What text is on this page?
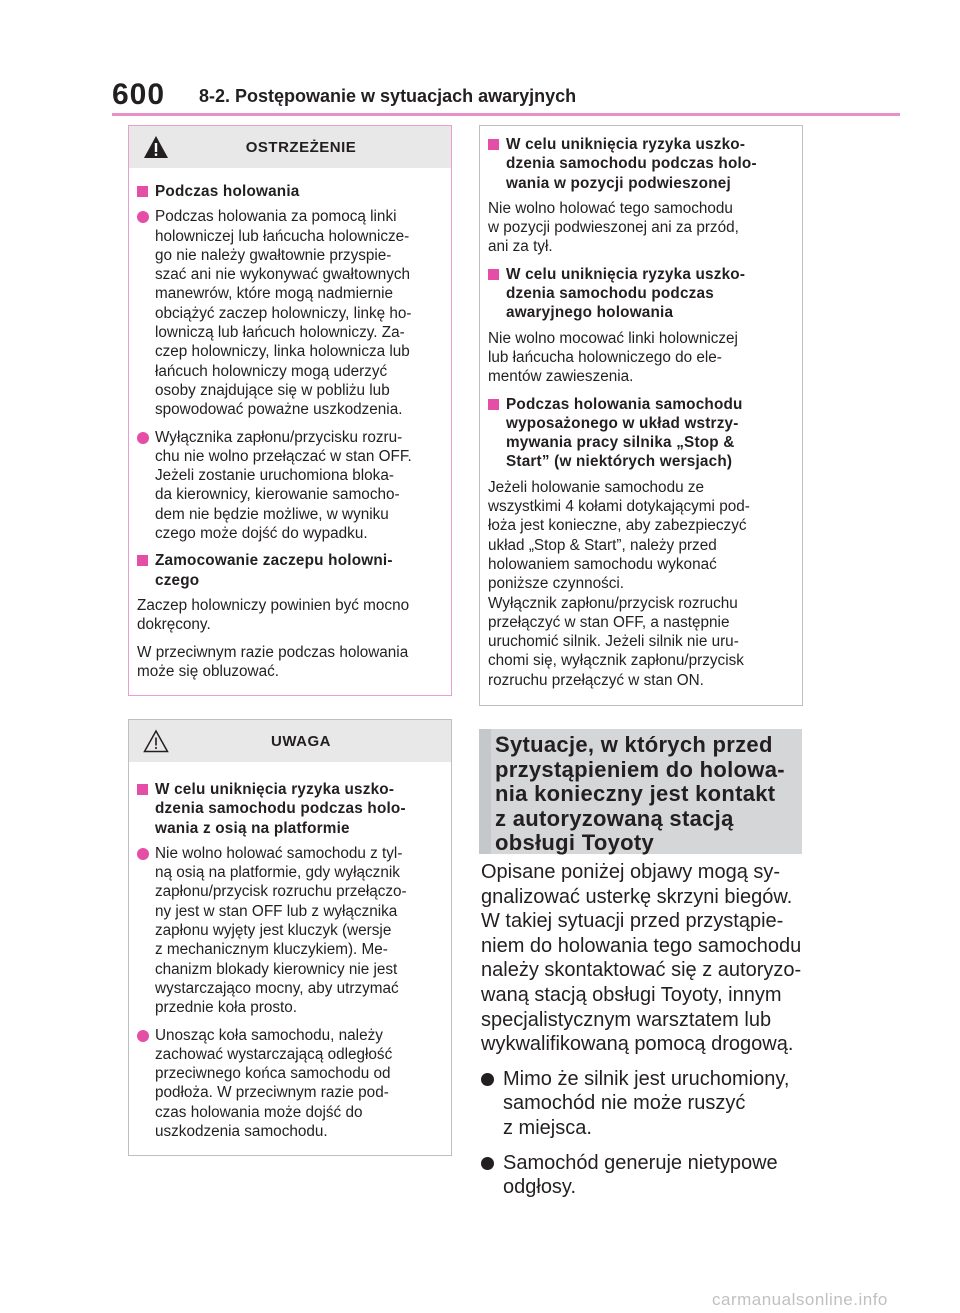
600 8-2. Postępowanie w sytuacjach awaryjnych
OSTRZEŻENIE
Podczas holowania
Podczas holowania za pomocą linki
holowniczej lub łańcucha holownicze-
go nie należy gwałtownie przyspie-
szać ani nie wykonywać gwałtownych
manewrów, które mogą nadmiernie
obciążyć zaczep holowniczy, linkę ho-
lowniczą lub łańcuch holowniczy. Za-
czep holowniczy, linka holownicza lub
łańcuch holowniczy mogą uderzyć
osoby znajdujące się w pobliżu lub
spowodować poważne uszkodzenia.
Wyłącznika zapłonu/przycisku rozru-
chu nie wolno przełączać w stan OFF.
Jeżeli zostanie uruchomiona bloka-
da kierownicy, kierowanie samocho-
dem nie będzie możliwe, w wyniku
czego może dojść do wypadku.
Zamocowanie zaczepu holowni-
czego
Zaczep holowniczy powinien być mocno
dokręcony.
W przeciwnym razie podczas holowania
może się obluzować.
UWAGA
W celu uniknięcia ryzyka uszko-
dzenia samochodu podczas holo-
wania z osią na platformie
Nie wolno holować samochodu z tyl-
ną osią na platformie, gdy wyłącznik
zapłonu/przycisk rozruchu przełączo-
ny jest w stan OFF lub z wyłącznika
zapłonu wyjęty jest kluczyk (wersje
z mechanicznym kluczykiem). Me-
chanizm blokady kierownicy nie jest
wystarczająco mocny, aby utrzymać
przednie koła prosto.
Unosząc koła samochodu, należy
zachować wystarczającą odległość
przeciwnego końca samochodu od
podłoża. W przeciwnym razie pod-
czas holowania może dojść do
uszkodzenia samochodu.
W celu uniknięcia ryzyka uszko-
dzenia samochodu podczas holo-
wania w pozycji podwieszonej
Nie wolno holować tego samochodu
w pozycji podwieszonej ani za przód,
ani za tył.
W celu uniknięcia ryzyka uszko-
dzenia samochodu podczas
awaryjnego holowania
Nie wolno mocować linki holowniczej
lub łańcucha holowniczego do ele-
mentów zawieszenia.
Podczas holowania samochodu
wyposażonego w układ wstrzy-
mywania pracy silnika „Stop &
Start” (w niektórych wersjach)
Jeżeli holowanie samochodu ze
wszystkimi 4 kołami dotykającymi pod-
łoża jest konieczne, aby zabezpieczyć
układ „Stop & Start”, należy przed
holowaniem samochodu wykonać
poniższe czynności.
Wyłącznik zapłonu/przycisk rozruchu
przełączyć w stan OFF, a następnie
uruchomić silnik. Jeżeli silnik nie uru-
chomi się, wyłącznik zapłonu/przycisk
rozruchu przełączyć w stan ON.
Sytuacje, w których przed
przystąpieniem do holowa-
nia konieczny jest kontakt
z autoryzowaną stacją
obsługi Toyoty
Opisane poniżej objawy mogą sy-
gnalizować usterkę skrzyni biegów.
W takiej sytuacji przed przystąpie-
niem do holowania tego samochodu
należy skontaktować się z autoryzo-
waną stacją obsługi Toyoty, innym
specjalistycznym warsztatem lub
wykwalifikowaną pomocą drogową.
Mimo że silnik jest uruchomiony,
samochód nie może ruszyć
z miejsca.
Samochód generuje nietypowe
odgłosy.
carmanualsonline.info
